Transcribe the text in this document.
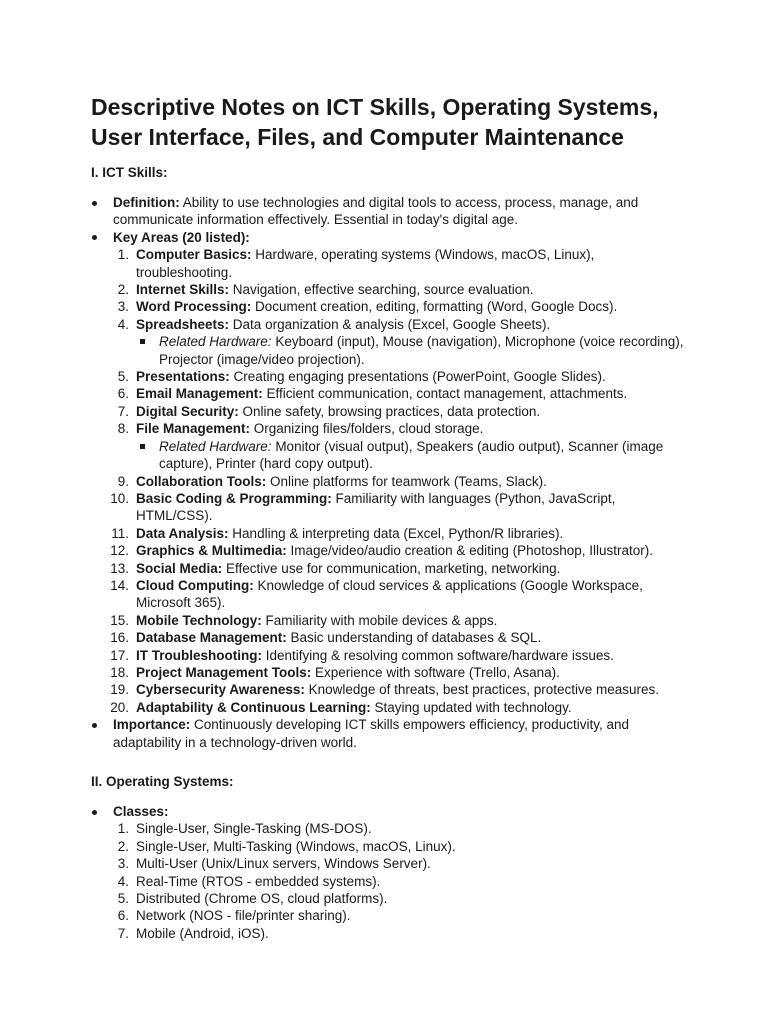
Descriptive Notes on ICT Skills, Operating Systems, User Interface, Files, and Computer Maintenance
I. ICT Skills:
Definition: Ability to use technologies and digital tools to access, process, manage, and communicate information effectively. Essential in today's digital age.
Key Areas (20 listed):
1. Computer Basics: Hardware, operating systems (Windows, macOS, Linux), troubleshooting.
2. Internet Skills: Navigation, effective searching, source evaluation.
3. Word Processing: Document creation, editing, formatting (Word, Google Docs).
4. Spreadsheets: Data organization & analysis (Excel, Google Sheets).
Related Hardware: Keyboard (input), Mouse (navigation), Microphone (voice recording), Projector (image/video projection).
5. Presentations: Creating engaging presentations (PowerPoint, Google Slides).
6. Email Management: Efficient communication, contact management, attachments.
7. Digital Security: Online safety, browsing practices, data protection.
8. File Management: Organizing files/folders, cloud storage.
Related Hardware: Monitor (visual output), Speakers (audio output), Scanner (image capture), Printer (hard copy output).
9. Collaboration Tools: Online platforms for teamwork (Teams, Slack).
10. Basic Coding & Programming: Familiarity with languages (Python, JavaScript, HTML/CSS).
11. Data Analysis: Handling & interpreting data (Excel, Python/R libraries).
12. Graphics & Multimedia: Image/video/audio creation & editing (Photoshop, Illustrator).
13. Social Media: Effective use for communication, marketing, networking.
14. Cloud Computing: Knowledge of cloud services & applications (Google Workspace, Microsoft 365).
15. Mobile Technology: Familiarity with mobile devices & apps.
16. Database Management: Basic understanding of databases & SQL.
17. IT Troubleshooting: Identifying & resolving common software/hardware issues.
18. Project Management Tools: Experience with software (Trello, Asana).
19. Cybersecurity Awareness: Knowledge of threats, best practices, protective measures.
20. Adaptability & Continuous Learning: Staying updated with technology.
Importance: Continuously developing ICT skills empowers efficiency, productivity, and adaptability in a technology-driven world.
II. Operating Systems:
Classes:
1. Single-User, Single-Tasking (MS-DOS).
2. Single-User, Multi-Tasking (Windows, macOS, Linux).
3. Multi-User (Unix/Linux servers, Windows Server).
4. Real-Time (RTOS - embedded systems).
5. Distributed (Chrome OS, cloud platforms).
6. Network (NOS - file/printer sharing).
7. Mobile (Android, iOS).
